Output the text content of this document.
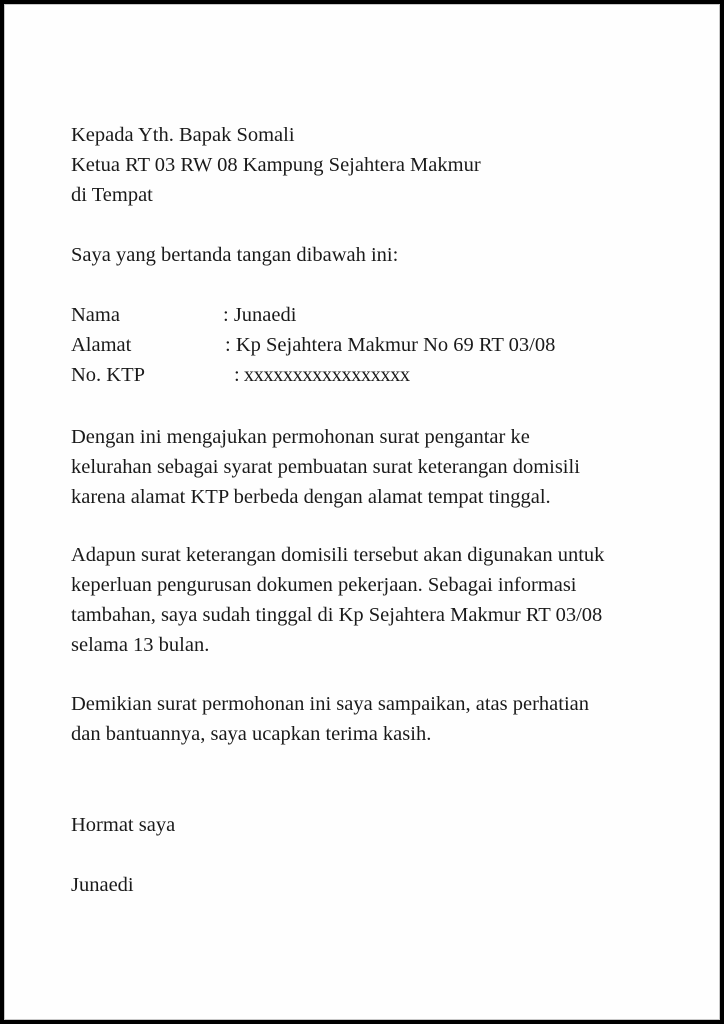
Kepada Yth. Bapak Somali
Ketua RT 03 RW 08 Kampung Sejahtera Makmur
di Tempat
Saya yang bertanda tangan dibawah ini:
Nama	: Junaedi
Alamat	: Kp Sejahtera Makmur No 69 RT 03/08
No. KTP	: xxxxxxxxxxxxxxxxx
Dengan ini mengajukan permohonan surat pengantar ke
kelurahan sebagai syarat pembuatan surat keterangan domisili
karena alamat KTP berbeda dengan alamat tempat tinggal.
Adapun surat keterangan domisili tersebut akan digunakan untuk
keperluan pengurusan dokumen pekerjaan. Sebagai informasi
tambahan, saya sudah tinggal di Kp Sejahtera Makmur RT 03/08
selama 13 bulan.
Demikian surat permohonan ini saya sampaikan, atas perhatian
dan bantuannya, saya ucapkan terima kasih.
Hormat saya
Junaedi
